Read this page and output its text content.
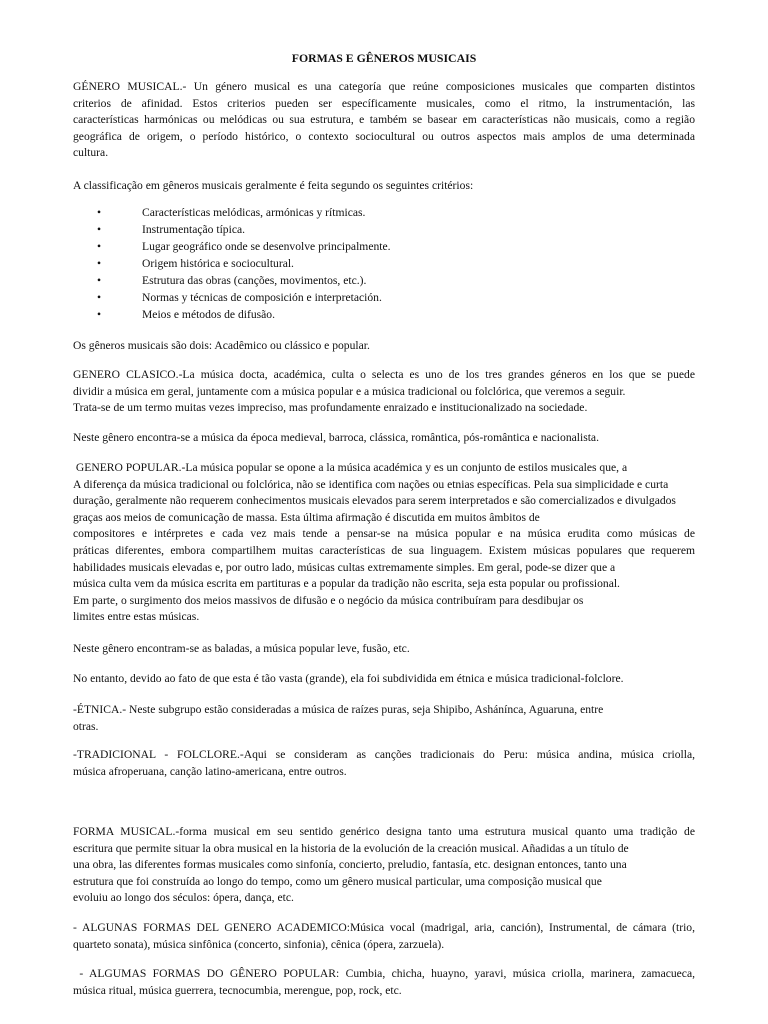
FORMAS E GÊNEROS MUSICAIS
GÉNERO MUSICAL.- Un género musical es una categoría que reúne composiciones musicales que comparten distintos
criterios de afinidad. Estos criterios pueden ser específicamente musicales, como el ritmo, la instrumentación, las
características harmónicas ou melódicas ou sua estrutura, e também se basear em características não musicais, como a região
geográfica de origem, o período histórico, o contexto sociocultural ou outros aspectos mais amplos de uma determinada
cultura.
A classificação em gêneros musicais geralmente é feita segundo os seguintes critérios:
•	Características melódicas, armónicas y rítmicas.
•	Instrumentação típica.
•	Lugar geográfico onde se desenvolve principalmente.
•	Origem histórica e sociocultural.
•	Estrutura das obras (canções, movimentos, etc.).
•	Normas y técnicas de composición e interpretación.
•	Meios e métodos de difusão.
Os gêneros musicais são dois: Acadêmico ou clássico e popular.
GENERO CLASICO.-La música docta, académica, culta o selecta es uno de los tres grandes géneros en los que se puede
dividir a música em geral, juntamente com a música popular e a música tradicional ou folclórica, que veremos a seguir.
Trata-se de um termo muitas vezes impreciso, mas profundamente enraizado e institucionalizado na sociedade.
Neste gênero encontra-se a música da época medieval, barroca, clássica, romântica, pós-romântica e nacionalista.
GENERO POPULAR.-La música popular se opone a la música académica y es un conjunto de estilos musicales que, a
A diferença da música tradicional ou folclórica, não se identifica com nações ou etnias específicas. Pela sua simplicidade e curta
duração, geralmente não requerem conhecimentos musicais elevados para serem interpretados e são comercializados e divulgados
graças aos meios de comunicação de massa. Esta última afirmação é discutida em muitos âmbitos de
compositores e intérpretes e cada vez mais tende a pensar-se na música popular e na música erudita como músicas de
práticas diferentes, embora compartilhem muitas características de sua linguagem. Existem músicas populares que requerem
habilidades musicais elevadas e, por outro lado, músicas cultas extremamente simples. Em geral, pode-se dizer que a
música culta vem da música escrita em partituras e a popular da tradição não escrita, seja esta popular ou profissional.
Em parte, o surgimento dos meios massivos de difusão e o negócio da música contribuíram para desdibujar os
limites entre estas músicas.
Neste gênero encontram-se as baladas, a música popular leve, fusão, etc.
No entanto, devido ao fato de que esta é tão vasta (grande), ela foi subdividida em étnica e música tradicional-folclore.
-ÉTNICA.- Neste subgrupo estão consideradas a música de raízes puras, seja Shipibo, Ashánínca, Aguaruna, entre
otras.
-TRADICIONAL - FOLCLORE.-Aqui se consideram as canções tradicionais do Peru: música andina, música criolla,
música afroperuana, canção latino-americana, entre outros.
FORMA MUSICAL.-forma musical em seu sentido genérico designa tanto uma estrutura musical quanto uma tradição de
escritura que permite situar la obra musical en la historia de la evolución de la creación musical. Añadidas a un título de
una obra, las diferentes formas musicales como sinfonía, concierto, preludio, fantasía, etc. designan entonces, tanto una
estrutura que foi construída ao longo do tempo, como um gênero musical particular, uma composição musical que
evoluiu ao longo dos séculos: ópera, dança, etc.
- ALGUNAS FORMAS DEL GENERO ACADEMICO:Música vocal (madrigal, aria, canción), Instrumental, de cámara (trio,
quarteto sonata), música sinfônica (concerto, sinfonia), cênica (ópera, zarzuela).
- ALGUMAS FORMAS DO GÊNERO POPULAR: Cumbia, chicha, huayno, yaravi, música criolla, marinera, zamacueca,
música ritual, música guerrera, tecnocumbia, merengue, pop, rock, etc.
